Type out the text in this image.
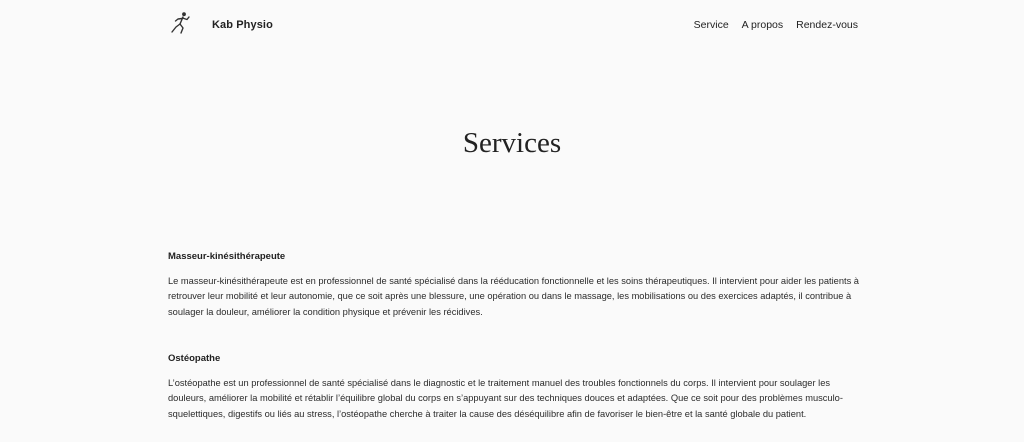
Kab Physio	Service A propos Rendez-vous
Services
Masseur-kinésithérapeute

Le masseur-kinésithérapeute est en professionnel de santé spécialisé dans la rééducation fonctionnelle et les soins thérapeutiques. Il intervient pour aider les patients à retrouver leur mobilité et leur autonomie, que ce soit après une blessure, une opération ou dans le massage, les mobilisations ou des exercices adaptés, il contribue à soulager la douleur, améliorer la condition physique et prévenir les récidives.

Ostéopathe

L’ostéopathe est un professionnel de santé spécialisé dans le diagnostic et le traitement manuel des troubles fonctionnels du corps. Il intervient pour soulager les douleurs, améliorer la mobilité et rétablir l’équilibre global du corps en s’appuyant sur des techniques douces et adaptées. Que ce soit pour des problèmes musculo-squelettiques, digestifs ou liés au stress, l’ostéopathe cherche à traiter la cause des déséquilibre afin de favoriser le bien-être et la santé globale du patient.
